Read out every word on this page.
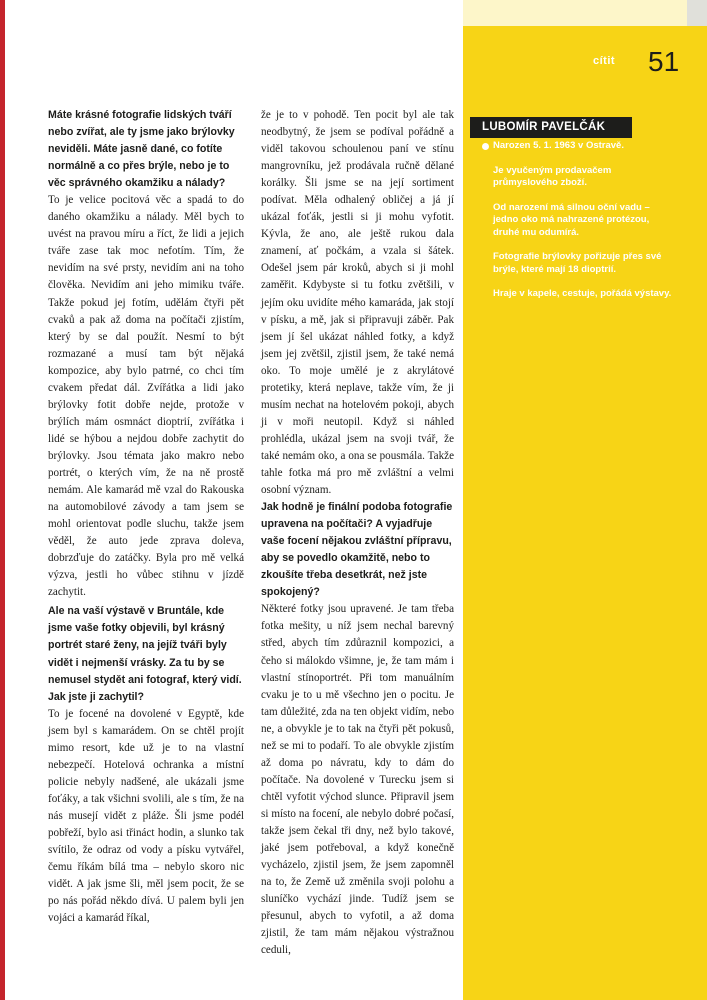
cítit 51

Máte krásné fotografie lidských tváří nebo zvířat, ale ty jsme jako brýlovky neviděli. Máte jasně dané, co fotíte normálně a co přes brýle, nebo je to věc správného okamžiku a nálady?

To je velice pocitová věc a spadá to do daného okamžiku a nálady. Měl bych to uvést na pravou míru a říct, že lidi a jejich tváře zase tak moc nefotím. Tím, že nevidím na své prsty, nevidím ani na toho člověka. Nevidím ani jeho mimiku tváře. Takže pokud jej fotím, udělám čtyři pět cvaků a pak až doma na počítači zjistím, který by se dal použít. Nesmí to být rozmazané a musí tam být nějaká kompozice, aby bylo patrné, co chci tím cvakem předat dál. Zvířátka a lidi jako brýlovky fotit dobře nejde, protože v brýlích mám osmnáct dioptrií, zvířátka i lidé se hýbou a nejdou dobře zachytit do brýlovky. Jsou témata jako makro nebo portrét, o kterých vím, že na ně prostě nemám. Ale kamarád mě vzal do Rakouska na automobilové závody a tam jsem se mohl orientovat podle sluchu, takže jsem věděl, že auto jede zprava doleva, dobrzďuje do zatáčky. Byla pro mě velká výzva, jestli ho vůbec stihnu v jízdě zachytit.

Ale na vaší výstavě v Bruntále, kde jsme vaše fotky objevili, byl krásný portrét staré ženy, na jejíž tváři byly vidět i nejmenší vrásky. Za tu by se nemusel stydět ani fotograf, který vidí. Jak jste ji zachytil?

To je focené na dovolené v Egyptě, kde jsem byl s kamarádem. On se chtěl projít mimo resort, kde už je to na vlastní nebezpečí. Hotelová ochranka a místní policie nebyly nadšené, ale ukázali jsme foťáky, a tak všichni svolili, ale s tím, že na nás musejí vidět z pláže. Šli jsme podél pobřeží, bylo asi třináct hodin, a slunko tak svítilo, že odraz od vody a písku vytvářel, čemu říkám bílá tma – nebylo skoro nic vidět. A jak jsme šli, měl jsem pocit, že se po nás pořád někdo dívá. U palem byli jen vojáci a kamarád říkal,

že je to v pohodě. Ten pocit byl ale tak neodbytný, že jsem se podíval pořádně a viděl takovou schoulenou paní ve stínu mangrovníku, jež prodávala ručně dělané korálky. Šli jsme se na její sortiment podívat. Měla odhalený obličej a já jí ukázal foťák, jestli si ji mohu vyfotit. Kývla, že ano, ale ještě rukou dala znamení, ať počkám, a vzala si šátek. Odešel jsem pár kroků, abych si ji mohl zaměřit. Kdybyste si tu fotku zvětšili, v jejím oku uvidíte mého kamaráda, jak stojí v písku, a mě, jak si připravuji záběr. Pak jsem jí šel ukázat náhled fotky, a když jsem jej zvětšil, zjistil jsem, že také nemá oko. To moje umělé je z akrylátové protetiky, která neplave, takže vím, že ji musím nechat na hotelovém pokoji, abych ji v moři neutopil. Když si náhled prohlédla, ukázal jsem na svoji tvář, že také nemám oko, a ona se pousmála. Takže tahle fotka má pro mě zvláštní a velmi osobní význam.

Jak hodně je finální podoba fotografie upravena na počítači? A vyjadřuje vaše focení nějakou zvláštní přípravu, aby se povedlo okamžitě, nebo to zkoušíte třeba desetkrát, než jste spokojený?

Některé fotky jsou upravené. Je tam třeba fotka mešity, u níž jsem nechal barevný střed, abych tím zdůraznil kompozici, a čeho si málokdo všimne, je, že tam mám i vlastní stínoportrét. Při tom manuálním cvaku je to u mě všechno jen o pocitu. Je tam důležité, zda na ten objekt vidím, nebo ne, a obvykle je to tak na čtyři pět pokusů, než se mi to podaří. To ale obvykle zjistím až doma po návratu, kdy to dám do počítače. Na dovolené v Turecku jsem si chtěl vyfotit východ slunce. Připravil jsem si místo na focení, ale nebylo dobré počasí, takže jsem čekal tři dny, než bylo takové, jaké jsem potřeboval, a když konečně vycházelo, zjistil jsem, že jsem zapomněl na to, že Země už změnila svoji polohu a sluníčko vychází jinde. Tudíž jsem se přesunul, abych to vyfotil, a až doma zjistil, že tam mám nějakou výstražnou ceduli,

LUBOMÍR PAVELČÁK
Narozen 5. 1. 1963 v Ostravě.
Je vyučeným prodavačem průmyslového zboží.
Od narození má silnou oční vadu – jedno oko má nahrazené protézou, druhé mu odumírá.
Fotografie brýlovky pořizuje přes své brýle, které mají 18 dioptrií.
Hraje v kapele, cestuje, pořádá výstavy.
